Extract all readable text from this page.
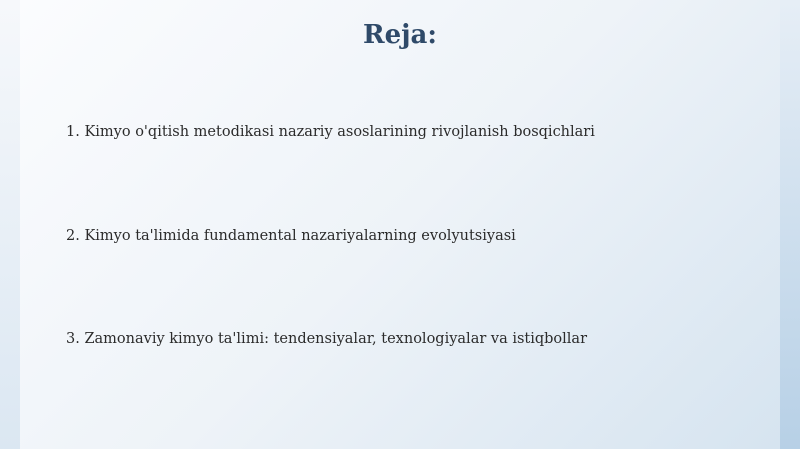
Reja:
1. Kimyo o'qitish metodikasi nazariy asoslarining rivojlanish bosqichlari
2. Kimyo ta'limida fundamental nazariyalarning evolyutsiyasi
3. Zamonaviy kimyo ta'limi: tendensiyalar, texnologiyalar va istiqbollar
